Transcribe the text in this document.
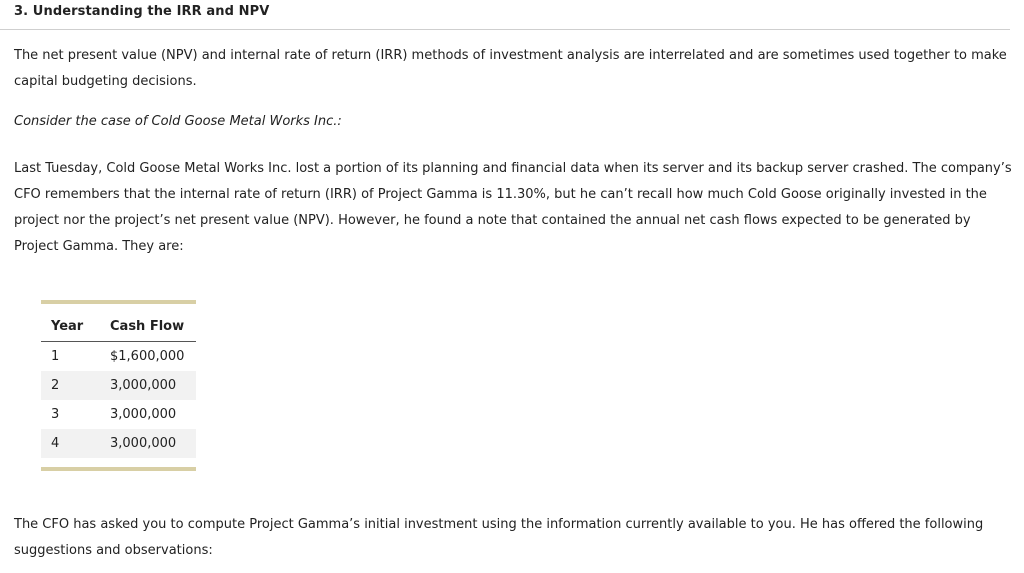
3. Understanding the IRR and NPV
The net present value (NPV) and internal rate of return (IRR) methods of investment analysis are interrelated and are sometimes used together to make capital budgeting decisions.
Consider the case of Cold Goose Metal Works Inc.:
Last Tuesday, Cold Goose Metal Works Inc. lost a portion of its planning and financial data when its server and its backup server crashed. The company’s CFO remembers that the internal rate of return (IRR) of Project Gamma is 11.30%, but he can’t recall how much Cold Goose originally invested in the project nor the project’s net present value (NPV). However, he found a note that contained the annual net cash flows expected to be generated by Project Gamma. They are:
Year	Cash Flow
1	$1,600,000
2	3,000,000
3	3,000,000
4	3,000,000
The CFO has asked you to compute Project Gamma’s initial investment using the information currently available to you. He has offered the following suggestions and observations:
